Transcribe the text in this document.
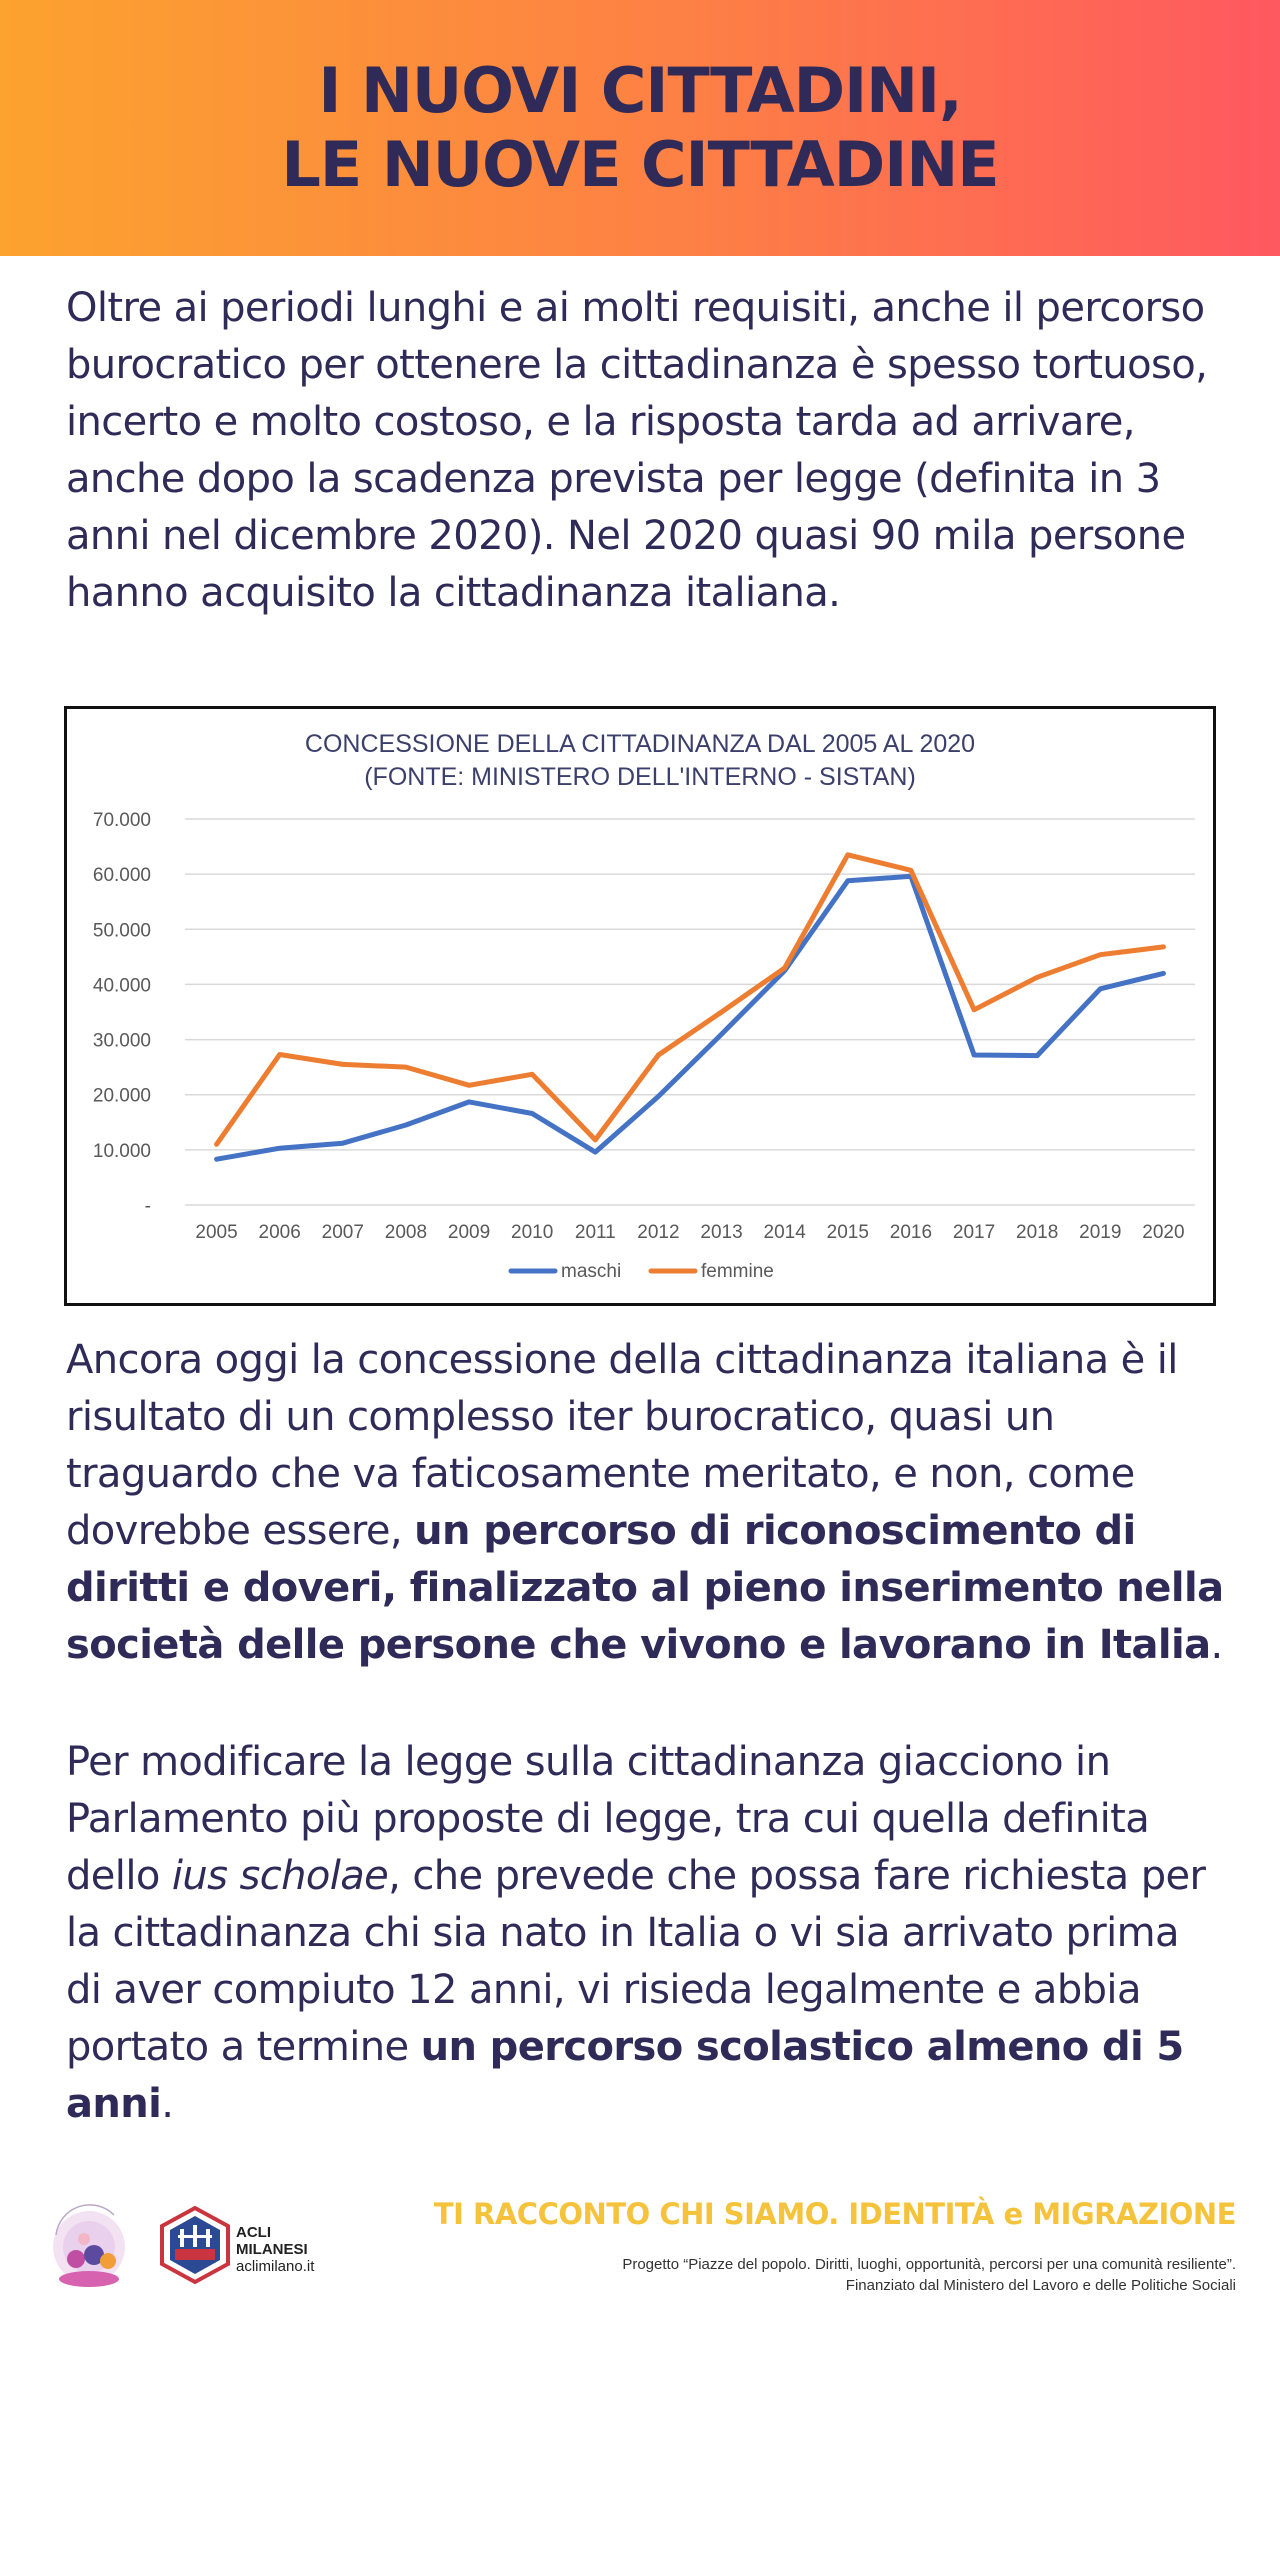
I NUOVI CITTADINI,
LE NUOVE CITTADINE

Oltre ai periodi lunghi e ai molti requisiti, anche il percorso burocratico per ottenere la cittadinanza è spesso tortuoso, incerto e molto costoso, e la risposta tarda ad arrivare, anche dopo la scadenza prevista per legge (definita in 3 anni nel dicembre 2020). Nel 2020 quasi 90 mila persone hanno acquisito la cittadinanza italiana.

CONCESSIONE DELLA CITTADINANZA DAL 2005 AL 2020
(FONTE: MINISTERO DELL'INTERNO - SISTAN)
-
10.000
20.000
30.000
40.000
50.000
60.000
70.000
2005 2006 2007 2008 2009 2010 2011 2012 2013 2014 2015 2016 2017 2018 2019 2020
maschi	femmine

Ancora oggi la concessione della cittadinanza italiana è il risultato di un complesso iter burocratico, quasi un traguardo che va faticosamente meritato, e non, come dovrebbe essere, un percorso di riconoscimento di diritti e doveri, finalizzato al pieno inserimento nella società delle persone che vivono e lavorano in Italia.

Per modificare la legge sulla cittadinanza giacciono in Parlamento più proposte di legge, tra cui quella definita dello ius scholae, che prevede che possa fare richiesta per la cittadinanza chi sia nato in Italia o vi sia arrivato prima di aver compiuto 12 anni, vi risieda legalmente e abbia portato a termine un percorso scolastico almeno di 5 anni.

ACLI
MILANESI
aclimilano.it
TI RACCONTO CHI SIAMO. IDENTITÀ e MIGRAZIONE
Progetto “Piazze del popolo. Diritti, luoghi, opportunità, percorsi per una comunità resiliente”.
Finanziato dal Ministero del Lavoro e delle Politiche Sociali
